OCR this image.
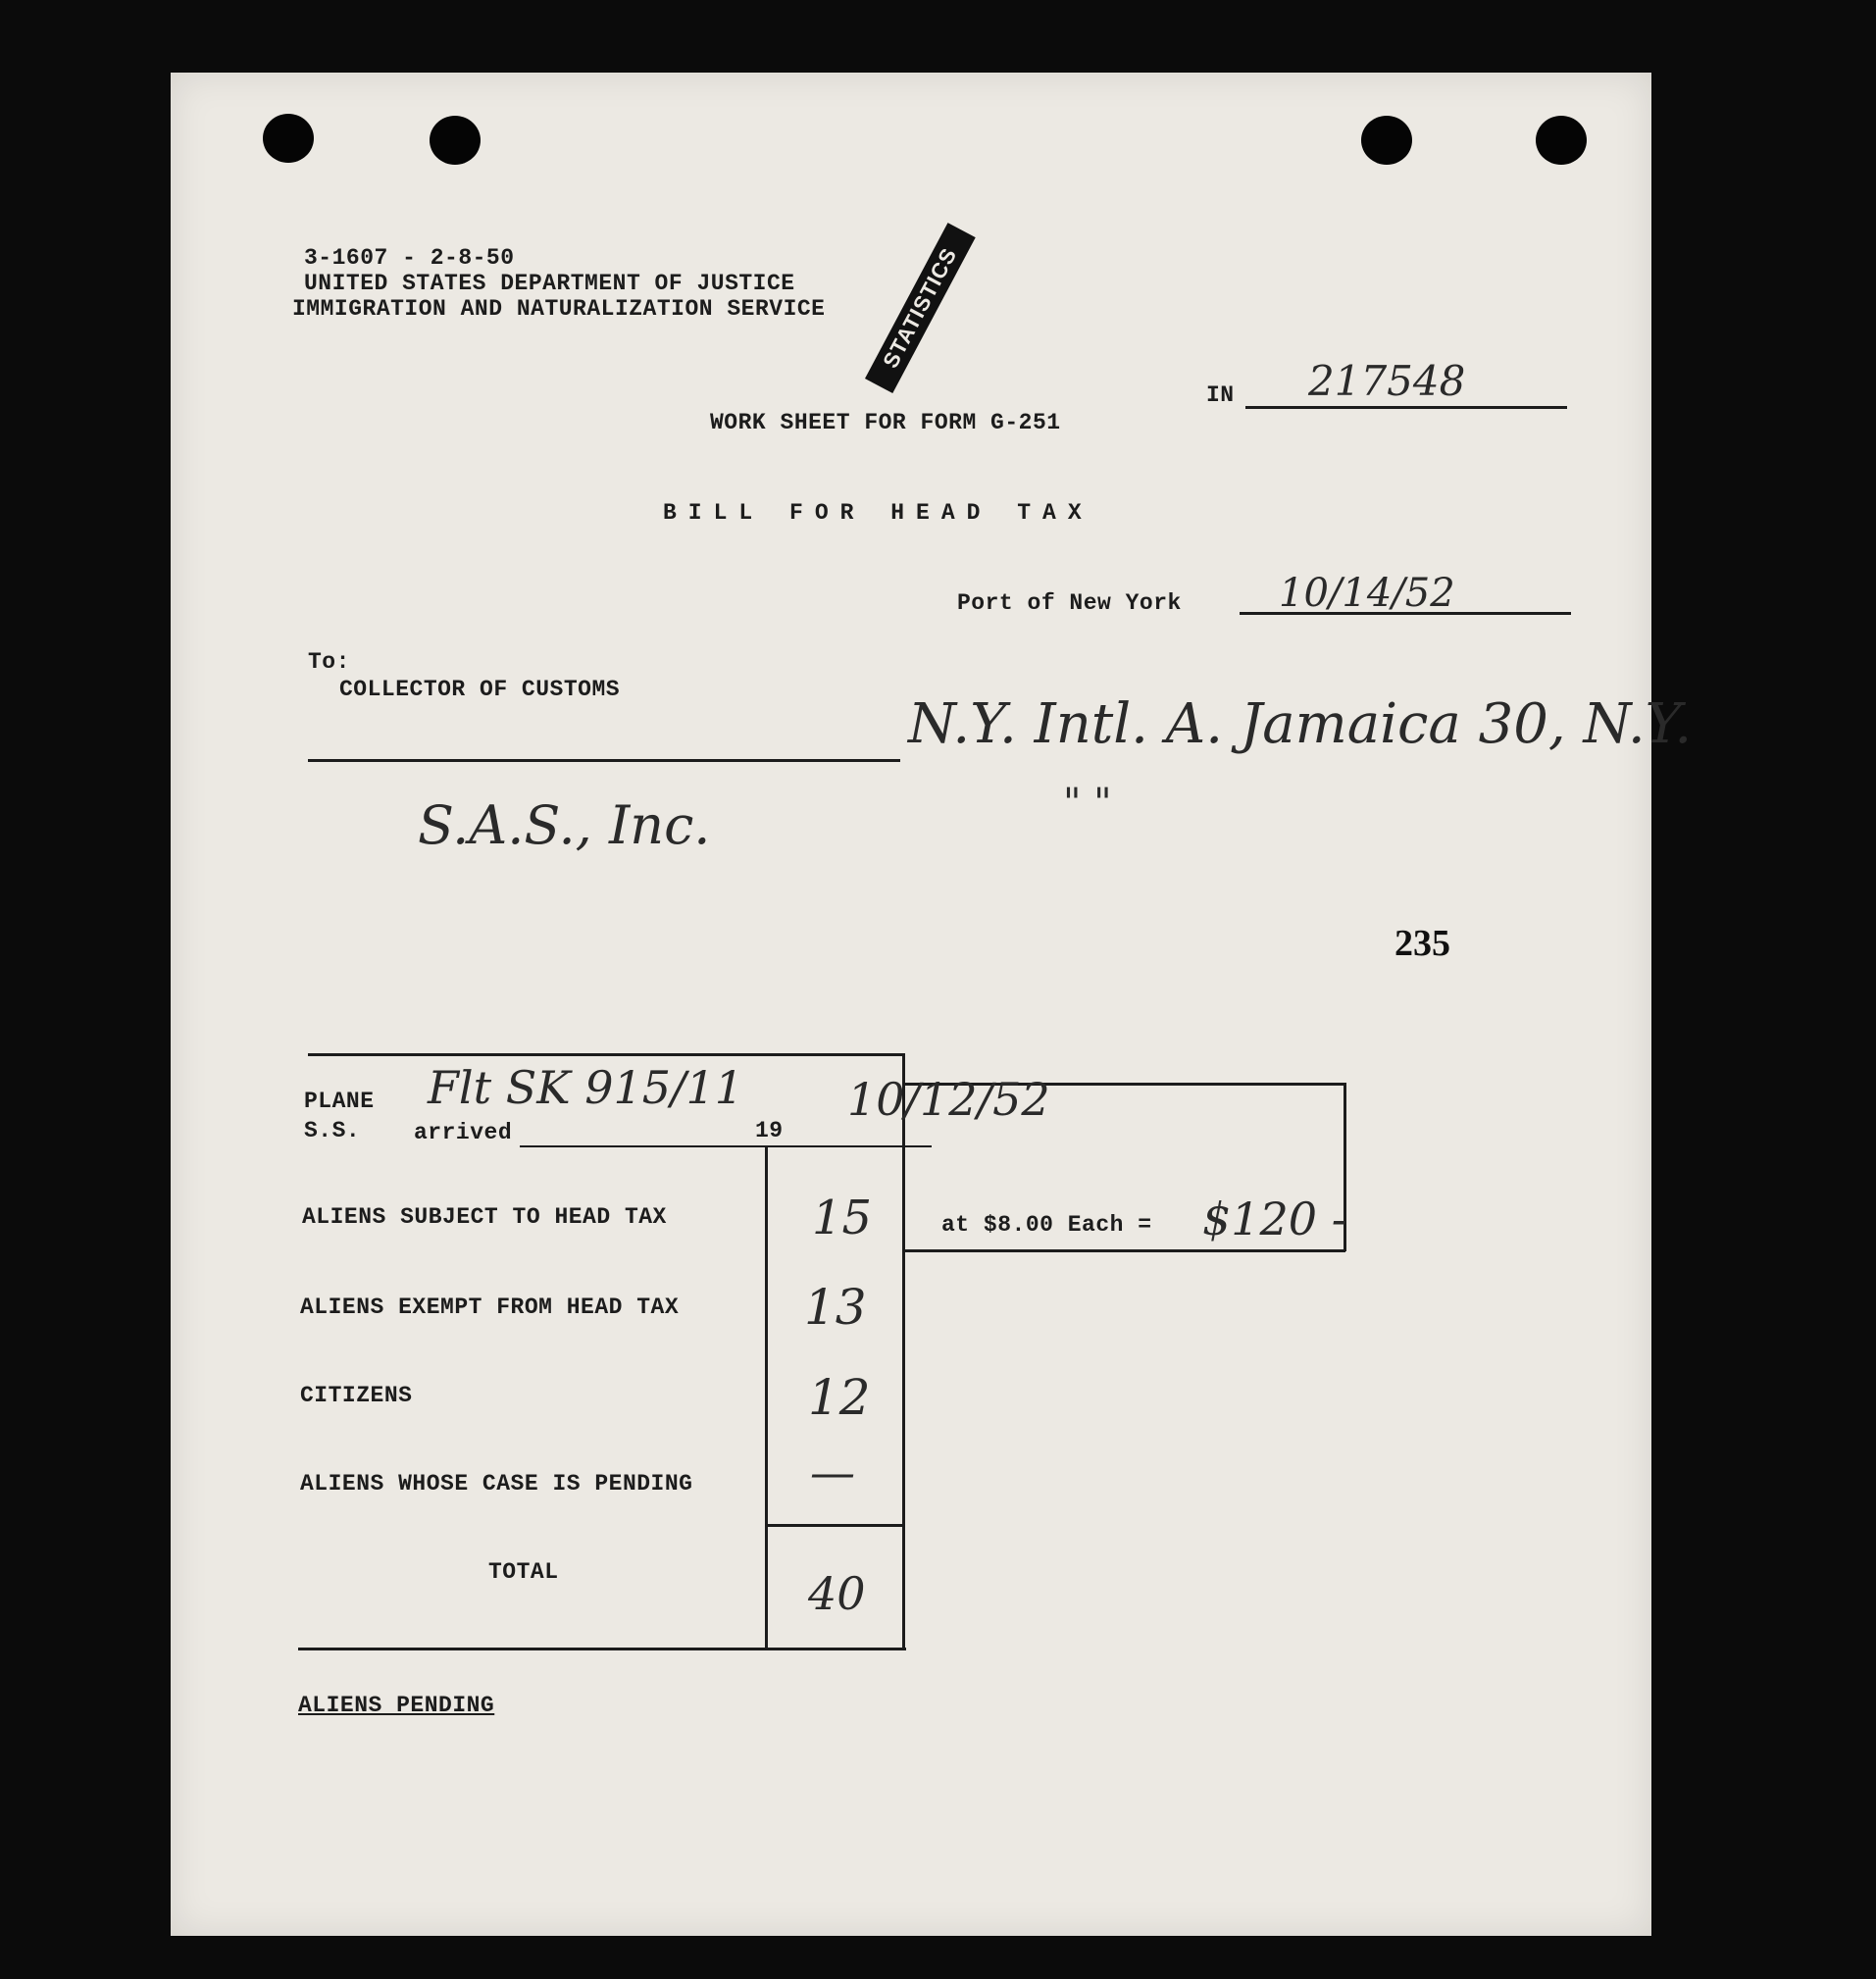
3-1607 - 2-8-50
UNITED STATES DEPARTMENT OF JUSTICE
IMMIGRATION AND NATURALIZATION SERVICE
IN 217548
WORK SHEET FOR FORM G-251
BILL FOR HEAD TAX
Port of New York 10/14/52
To:
COLLECTOR OF CUSTOMS
N.Y. Intl. A. Jamaica 30, N.Y.
S.A.S., Inc.	" "
STATISTICS
235
PLANE
S.S. arrived	19
Flt SK 915/11 10/12/52
ALIENS SUBJECT TO HEAD TAX	15	at $8.00 Each = $120 -
ALIENS EXEMPT FROM HEAD TAX	13
CITIZENS	12
ALIENS WHOSE CASE IS PENDING	—
TOTAL	40
ALIENS PENDING
